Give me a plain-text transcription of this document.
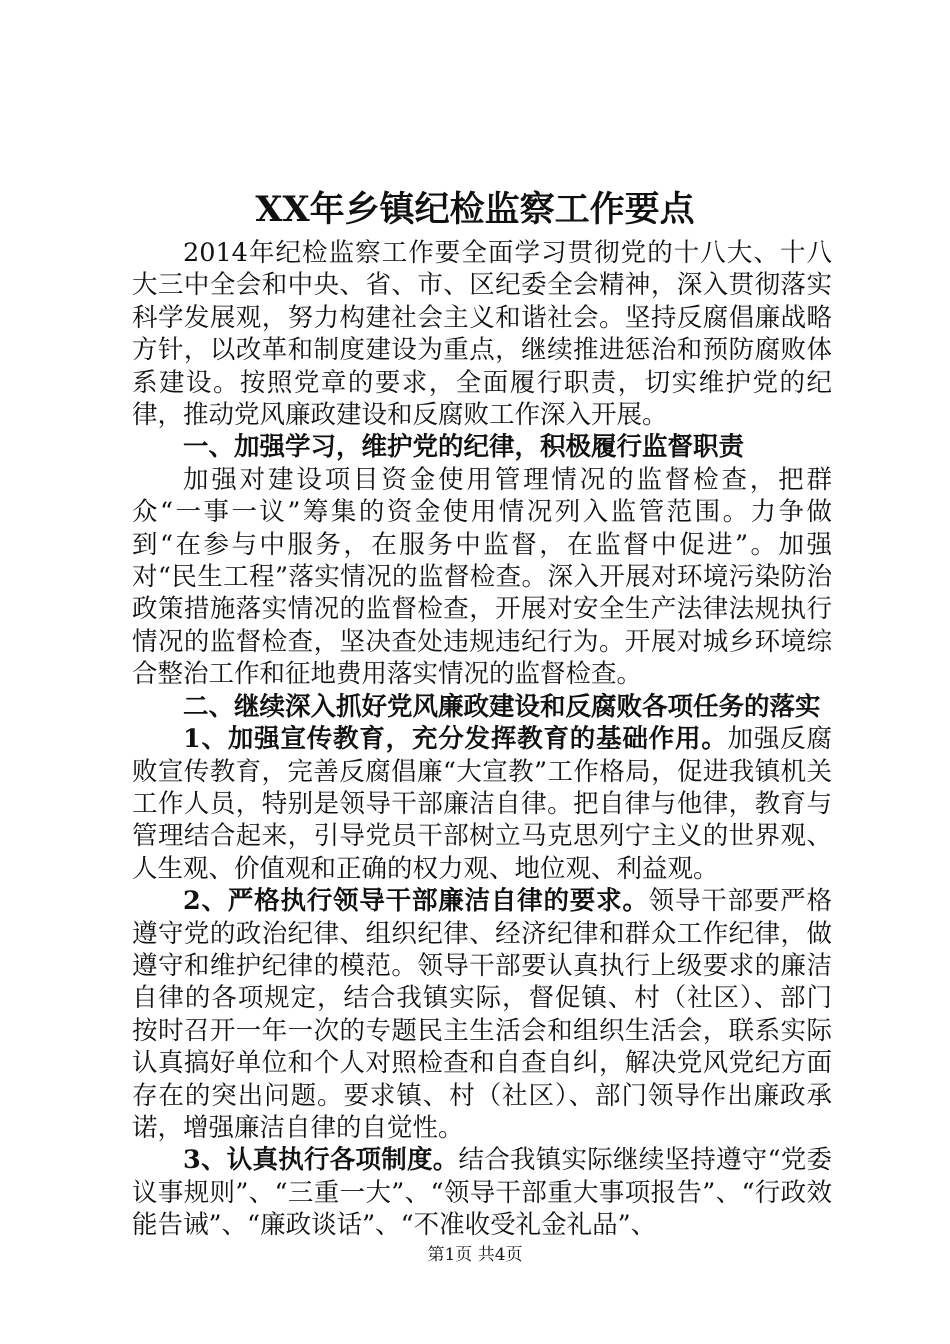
XX年乡镇纪检监察工作要点

2014年纪检监察工作要全面学习贯彻党的十八大、十八大三中全会和中央、省、市、区纪委全会精神，深入贯彻落实科学发展观，努力构建社会主义和谐社会。坚持反腐倡廉战略方针，以改革和制度建设为重点，继续推进惩治和预防腐败体系建设。按照党章的要求，全面履行职责，切实维护党的纪律，推动党风廉政建设和反腐败工作深入开展。

一、加强学习，维护党的纪律，积极履行监督职责

加强对建设项目资金使用管理情况的监督检查，把群众“一事一议”筹集的资金使用情况列入监管范围。力争做到“在参与中服务，在服务中监督，在监督中促进”。加强对“民生工程”落实情况的监督检查。深入开展对环境污染防治政策措施落实情况的监督检查，开展对安全生产法律法规执行情况的监督检查，坚决查处违规违纪行为。开展对城乡环境综合整治工作和征地费用落实情况的监督检查。

二、继续深入抓好党风廉政建设和反腐败各项任务的落实

1、加强宣传教育，充分发挥教育的基础作用。加强反腐败宣传教育，完善反腐倡廉“大宣教”工作格局，促进我镇机关工作人员，特别是领导干部廉洁自律。把自律与他律，教育与管理结合起来，引导党员干部树立马克思列宁主义的世界观、人生观、价值观和正确的权力观、地位观、利益观。

2、严格执行领导干部廉洁自律的要求。领导干部要严格遵守党的政治纪律、组织纪律、经济纪律和群众工作纪律，做遵守和维护纪律的模范。领导干部要认真执行上级要求的廉洁自律的各项规定，结合我镇实际，督促镇、村（社区）、部门按时召开一年一次的专题民主生活会和组织生活会，联系实际认真搞好单位和个人对照检查和自查自纠，解决党风党纪方面存在的突出问题。要求镇、村（社区）、部门领导作出廉政承诺，增强廉洁自律的自觉性。

3、认真执行各项制度。结合我镇实际继续坚持遵守“党委议事规则”、“三重一大”、“领导干部重大事项报告”、“行政效能告诫”、“廉政谈话”、“不准收受礼金礼品”、

第1页 共4页
